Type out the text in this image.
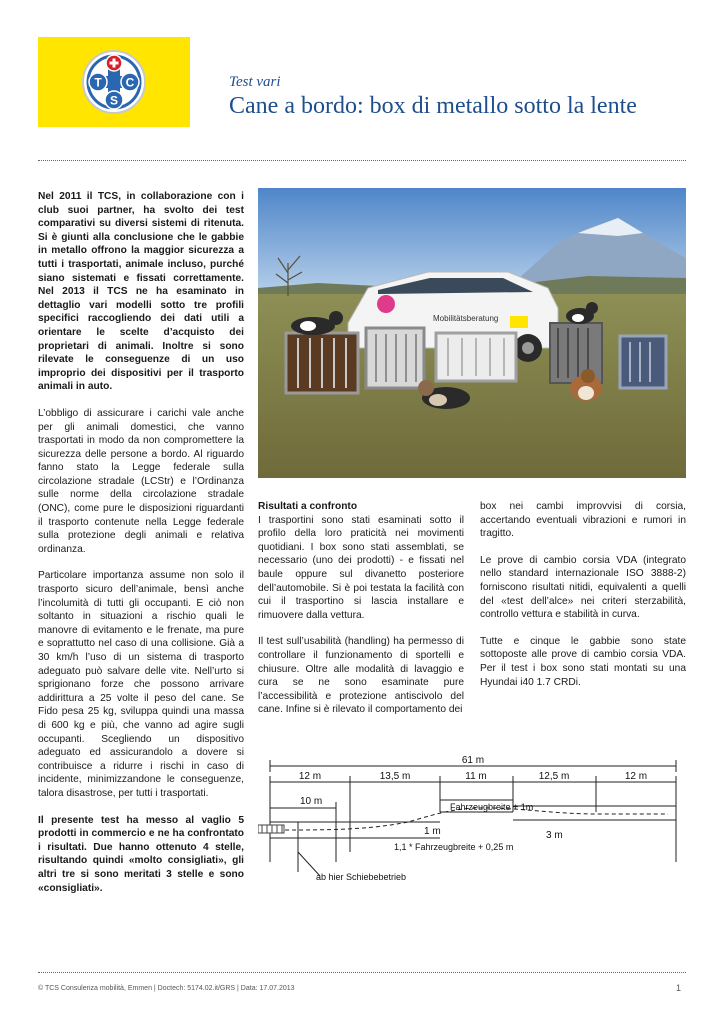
T C
S
Test vari
Cane a bordo: box di metallo sotto la lente

Nel 2011 il TCS, in collaborazione con i club suoi partner, ha svolto dei test comparativi su diversi sistemi di ritenuta. Si è giunti alla conclusione che le gabbie in metallo offrono la maggior sicurezza a tutti i trasportati, animale incluso, purché siano sistemati e fissati correttamente. Nel 2013 il TCS ne ha esaminato in dettaglio vari modelli sotto tre profili specifici raccogliendo dei dati utili a orientare le scelte d’acquisto dei proprietari di animali. Inoltre si sono rilevate le conseguenze di un uso improprio dei dispositivi per il trasporto animali in auto.

L’obbligo di assicurare i carichi vale anche per gli animali domestici, che vanno trasportati in modo da non compromettere la sicurezza delle persone a bordo. Al riguardo fanno stato la Legge federale sulla circolazione stradale (LCStr) e l’Ordinanza sulle norme della circolazione stradale (ONC), come pure le disposizioni riguardanti il trasporto contenute nella Legge federale sulla protezione degli animali e relativa ordinanza.

Particolare importanza assume non solo il trasporto sicuro dell’animale, bensì anche l’incolumità di tutti gli occupanti. E ciò non soltanto in situazioni a rischio quali le manovre di evitamento e le frenate, ma pure e soprattutto nel caso di una collisione. Già a 30 km/h l’uso di un sistema di trasporto adeguato può salvare delle vite. Nell’urto si sprigionano forze che possono arrivare addirittura a 25 volte il peso del cane. Se Fido pesa 25 kg, sviluppa quindi una massa di 600 kg e più, che vanno ad agire sugli occupanti. Scegliendo un dispositivo adeguato ed assicurandolo a dovere si contribuisce a ridurre i rischi in caso di incidente, minimizzandone le conseguenze, talora disastrose, per tutti i trasportati.

Il presente test ha messo al vaglio 5 prodotti in commercio e ne ha confrontato i risultati. Due hanno ottenuto 4 stelle, risultando quindi «molto consigliati», gli altri tre si sono meritati 3 stelle e sono «consigliati».

Mobilitätsberatung

Risultati a confronto
I trasportini sono stati esaminati sotto il profilo della loro praticità nei movimenti quotidiani. I box sono stati assemblati, se necessario (uno dei prodotti) - e fissati nel baule oppure sul divanetto posteriore dell’automobile. Si è poi testata la facilità con cui il trasportino si lascia installare e rimuovere dalla vettura.

Il test sull’usabilità (handling) ha permesso di controllare il funzionamento di sportelli e chiusure. Oltre alle modalità di lavaggio e cura se ne sono esaminate pure l’accessibilità e protezione antiscivolo del cane. Infine si è rilevato il comportamento dei

box nei cambi improvvisi di corsia, accertando eventuali vibrazioni e rumori in tragitto.

Le prove di cambio corsia VDA (integrato nello standard internazionale ISO 3888-2) forniscono risultati nitidi, equivalenti a quelli del «test dell’alce» nei criteri sterzabilità, controllo vettura e stabilità in curva.

Tutte e cinque le gabbie sono state sottoposte alle prove di cambio corsia VDA. Per il test i box sono stati montati su una Hyundai i40 1.7 CRDi.

61 m
12 m	13,5 m	11 m	12,5 m	12 m
10 m	Fahrzeugbreite + 1m
1,1 * Fahrzeugbreite + 0,25 m
1 m	3 m
ab hier Schiebebetrieb
© TCS Consulenza mobilità, Emmen | Doctech: 5174.02.it/GRS | Data: 17.07.2013	1
